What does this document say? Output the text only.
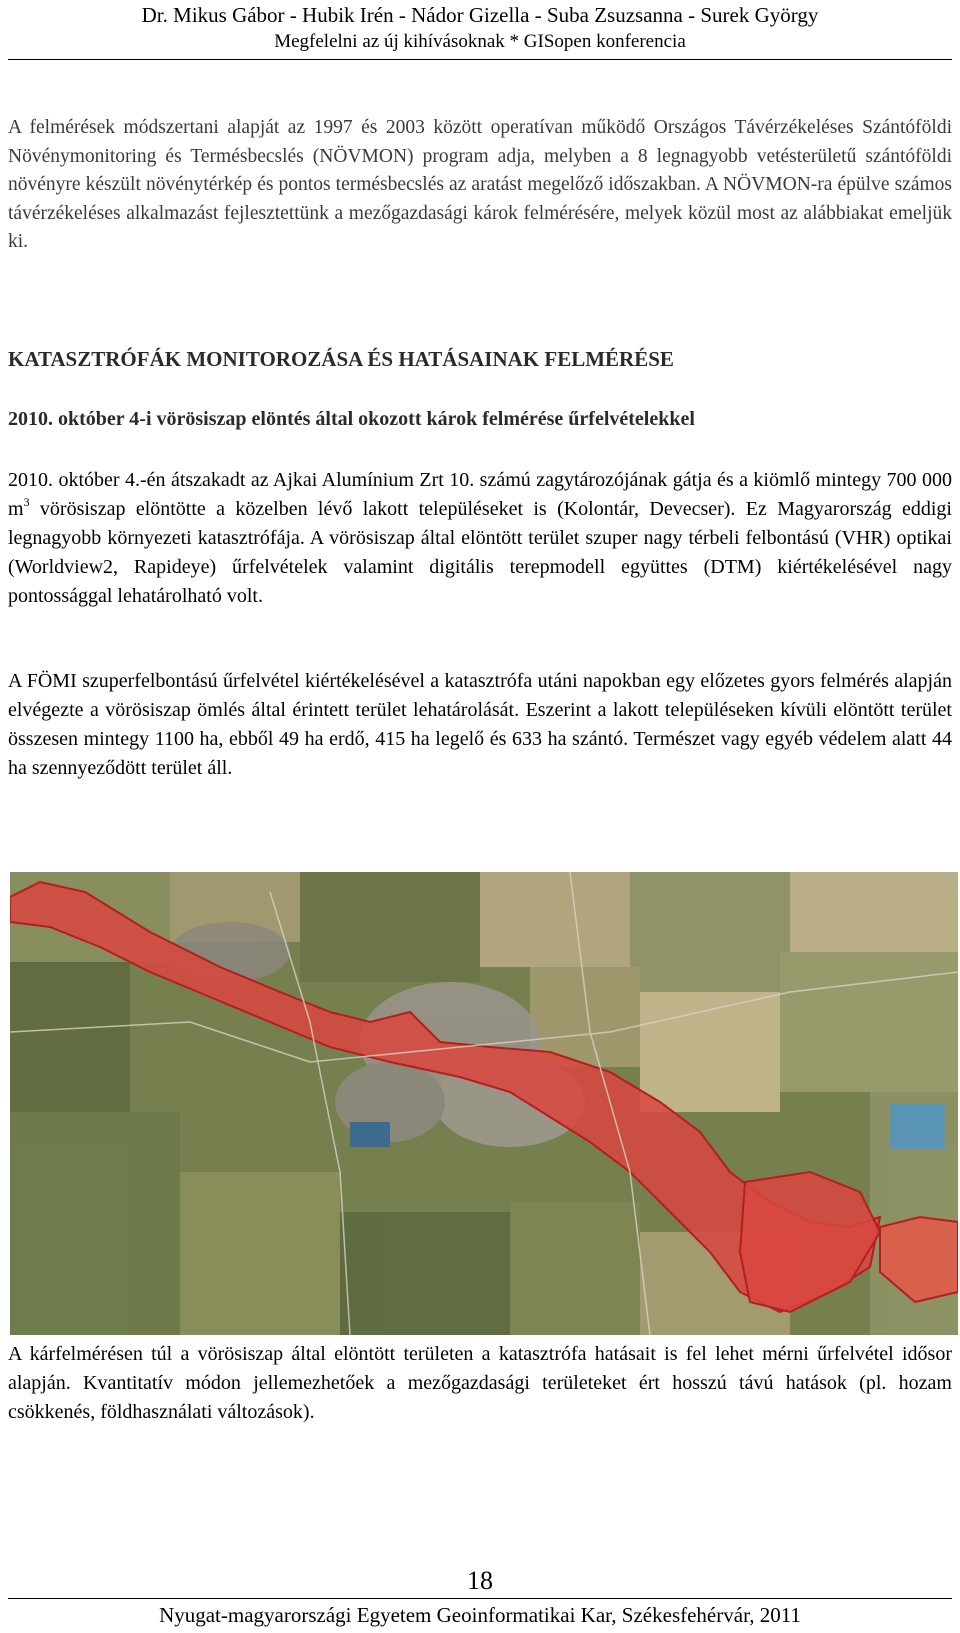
Dr. Mikus Gábor - Hubik Irén - Nádor Gizella - Suba Zsuzsanna - Surek György
Megfelelni az új kihívásoknak * GISopen konferencia

A felmérések módszertani alapját az 1997 és 2003 között operatívan működő Országos Távérzékeléses Szántóföldi Növénymonitoring és Termésbecslés (NÖVMON) program adja, melyben a 8 legnagyobb vetésterületű szántóföldi növényre készült növénytérkép és pontos termésbecslés az aratást megelőző időszakban. A NÖVMON-ra épülve számos távérzékeléses alkalmazást fejlesztettünk a mezőgazdasági károk felmérésére, melyek közül most az alábbiakat emeljük ki.

KATASZTRÓFÁK MONITOROZÁSA ÉS HATÁSAINAK FELMÉRÉSE
2010. október 4-i vörösiszap elöntés által okozott károk felmérése űrfelvételekkel

2010. október 4.-én átszakadt az Ajkai Alumínium Zrt 10. számú zagytározójának gátja és a kiömlő mintegy 700 000 $m^3$ vörösiszap elöntötte a közelben lévő lakott településeket is (Kolontár, Devecser). Ez Magyarország eddigi legnagyobb környezeti katasztrófája. A vörösiszap által elöntött terület szuper nagy térbeli felbontású (VHR) optikai (Worldview2, Rapideye) űrfelvételek valamint digitális terepmodell együttes (DTM) kiértékelésével nagy pontossággal lehatárolható volt.

A FÖMI szuperfelbontású űrfelvétel kiértékelésével a katasztrófa utáni napokban egy előzetes gyors felmérés alapján elvégezte a vörösiszap ömlés által érintett terület lehatárolását. Eszerint a lakott településeken kívüli elöntött terület összesen mintegy 1100 ha, ebből 49 ha erdő, 415 ha legelő és 633 ha szántó. Természet vagy egyéb védelem alatt 44 ha szennyeződött terület áll.

A kárfelmérésen túl a vörösiszap által elöntött területen a katasztrófa hatásait is fel lehet mérni űrfelvétel idősor alapján. Kvantitatív módon jellemezhetőek a mezőgazdasági területeket ért hosszú távú hatások (pl. hozam csökkenés, földhasználati változások).

18
Nyugat-magyarországi Egyetem Geoinformatikai Kar, Székesfehérvár, 2011
